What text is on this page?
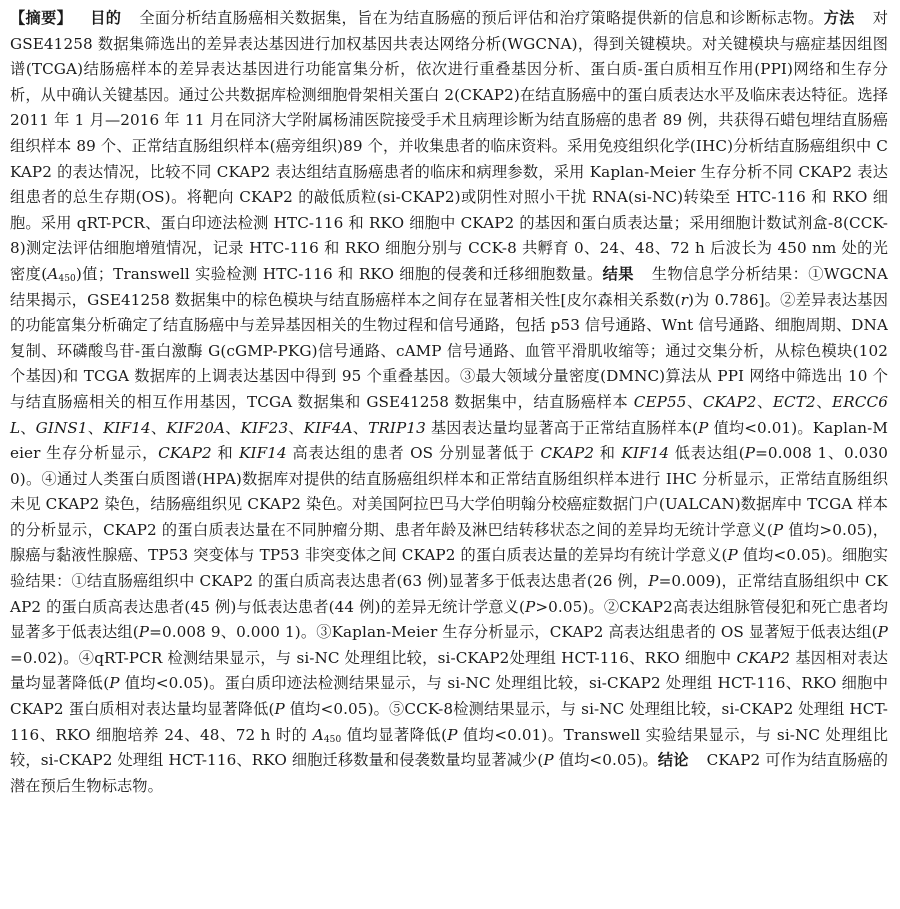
【摘要】 目的 全面分析结直肠癌相关数据集，旨在为结直肠癌的预后评估和治疗策略提供新的信息和诊断标志物。方法 对 GSE41258 数据集筛选出的差异表达基因进行加权基因共表达网络分析(WGCNA)，得到关键模块。对关键模块与癌症基因组图谱(TCGA)结肠癌样本的差异表达基因进行功能富集分析，依次进行重叠基因分析、蛋白质-蛋白质相互作用(PPI)网络和生存分析，从中确认关键基因。通过公共数据库检测细胞骨架相关蛋白 2(CKAP2)在结直肠癌中的蛋白质表达水平及临床表达特征。选择 2011 年 1 月—2016 年 11 月在同济大学附属杨浦医院接受手术且病理诊断为结直肠癌的患者 89 例，共获得石蜡包埋结直肠癌组织样本 89 个、正常结直肠组织样本(癌旁组织)89 个，并收集患者的临床资料。采用免疫组织化学(IHC)分析结直肠癌组织中 CKAP2 的表达情况，比较不同 CKAP2 表达组结直肠癌患者的临床和病理参数，采用 Kaplan-Meier 生存分析不同 CKAP2 表达组患者的总生存期(OS)。将靶向 CKAP2 的敲低质粒(si-CKAP2)或阴性对照小干扰 RNA(si-NC)转染至 HTC-116 和 RKO 细胞。采用 qRT-PCR、蛋白印迹法检测 HTC-116 和 RKO 细胞中 CKAP2 的基因和蛋白质表达量；采用细胞计数试剂盒-8(CCK-8)测定法评估细胞增殖情况，记录 HTC-116 和 RKO 细胞分别与 CCK-8 共孵育 0、24、48、72 h 后波长为 450 nm 处的光密度$(A_{450})$值；Transwell 实验检测 HTC-116 和 RKO 细胞的侵袭和迁移细胞数量。结果 生物信息学分析结果：①WGCNA 结果揭示，GSE41258 数据集中的棕色模块与结直肠癌样本之间存在显著相关性[皮尔森相关系数(r)为 0.786]。②差异表达基因的功能富集分析确定了结直肠癌中与差异基因相关的生物过程和信号通路，包括 p53 信号通路、Wnt 信号通路、细胞周期、DNA 复制、环磷酸鸟苷-蛋白激酶 G(cGMP-PKG)信号通路、cAMP 信号通路、血管平滑肌收缩等；通过交集分析，从棕色模块(102 个基因)和 TCGA 数据库的上调表达基因中得到 95 个重叠基因。③最大领域分量密度(DMNC)算法从 PPI 网络中筛选出 10 个与结直肠癌相关的相互作用基因，TCGA 数据集和 GSE41258 数据集中，结直肠癌样本 CEP55、CKAP2、ECT2、ERCC6L、GINS1、KIF14、KIF20A、KIF23、KIF4A、TRIP13 基因表达量均显著高于正常结直肠样本(P 值均<0.01)。Kaplan-Meier 生存分析显示，CKAP2 和 KIF14 高表达组的患者 OS 分别显著低于 CKAP2 和 KIF14 低表达组(P=0.008 1、0.030 0)。④通过人类蛋白质图谱(HPA)数据库对提供的结直肠癌组织样本和正常结直肠组织样本进行 IHC 分析显示，正常结直肠组织未见 CKAP2 染色，结肠癌组织见 CKAP2 染色。对美国阿拉巴马大学伯明翰分校癌症数据门户(UALCAN)数据库中 TCGA 样本的分析显示，CKAP2 的蛋白质表达量在不同肿瘤分期、患者年龄及淋巴结转移状态之间的差异均无统计学意义(P 值均>0.05)，腺癌与黏液性腺癌、TP53 突变体与 TP53 非突变体之间 CKAP2 的蛋白质表达量的差异均有统计学意义(P 值均<0.05)。细胞实验结果：①结直肠癌组织中 CKAP2 的蛋白质高表达患者(63 例)显著多于低表达患者(26 例，P=0.009)，正常结直肠组织中 CKAP2 的蛋白质高表达患者(45 例)与低表达患者(44 例)的差异无统计学意义(P>0.05)。②CKAP2高表达组脉管侵犯和死亡患者均显著多于低表达组(P=0.008 9、0.000 1)。③Kaplan-Meier 生存分析显示，CKAP2 高表达组患者的 OS 显著短于低表达组(P=0.02)。④qRT-PCR 检测结果显示，与 si-NC 处理组比较，si-CKAP2处理组 HCT-116、RKO 细胞中 CKAP2 基因相对表达量均显著降低(P 值均<0.05)。蛋白质印迹法检测结果显示，与 si-NC 处理组比较，si-CKAP2 处理组 HCT-116、RKO 细胞中 CKAP2 蛋白质相对表达量均显著降低(P 值均<0.05)。⑤CCK-8检测结果显示，与 si-NC 处理组比较，si-CKAP2 处理组 HCT-116、RKO 细胞培养 24、48、72 h 时的 $A_{450}$ 值均显著降低(P 值均<0.01)。Transwell 实验结果显示，与 si-NC 处理组比较，si-CKAP2 处理组 HCT-116、RKO 细胞迁移数量和侵袭数量均显著减少(P 值均<0.05)。结论 CKAP2 可作为结直肠癌的潜在预后生物标志物。
